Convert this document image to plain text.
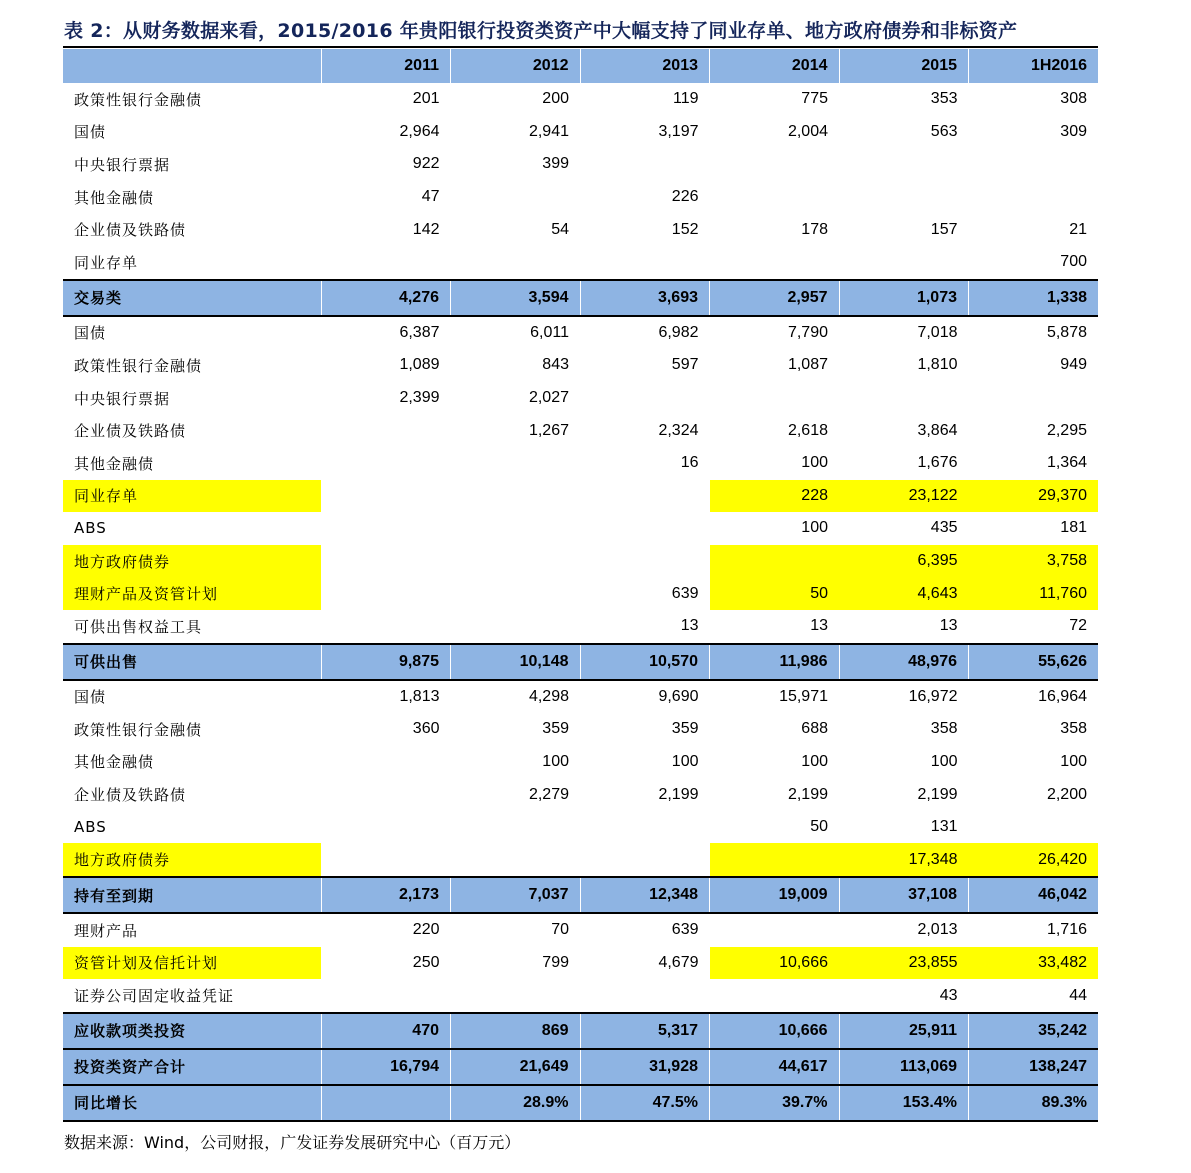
表 2：从财务数据来看，2015/2016 年贵阳银行投资类资产中大幅支持了同业存单、地方政府债券和非标资产
	2011	2012	2013	2014	2015	1H2016
政策性银行金融债	201	200	119	775	353	308
国债	2,964	2,941	3,197	2,004	563	309
中央银行票据	922	399				
其他金融债	47		226			
企业债及铁路债	142	54	152	178	157	21
同业存单						700
交易类	4,276	3,594	3,693	2,957	1,073	1,338
国债	6,387	6,011	6,982	7,790	7,018	5,878
政策性银行金融债	1,089	843	597	1,087	1,810	949
中央银行票据	2,399	2,027				
企业债及铁路债		1,267	2,324	2,618	3,864	2,295
其他金融债			16	100	1,676	1,364
同业存单				228	23,122	29,370
ABS				100	435	181
地方政府债券					6,395	3,758
理财产品及资管计划			639	50	4,643	11,760
可供出售权益工具			13	13	13	72
可供出售	9,875	10,148	10,570	11,986	48,976	55,626
国债	1,813	4,298	9,690	15,971	16,972	16,964
政策性银行金融债	360	359	359	688	358	358
其他金融债		100	100	100	100	100
企业债及铁路债		2,279	2,199	2,199	2,199	2,200
ABS				50	131	
地方政府债券					17,348	26,420
持有至到期	2,173	7,037	12,348	19,009	37,108	46,042
理财产品	220	70	639		2,013	1,716
资管计划及信托计划	250	799	4,679	10,666	23,855	33,482
证券公司固定收益凭证					43	44
应收款项类投资	470	869	5,317	10,666	25,911	35,242
投资类资产合计	16,794	21,649	31,928	44,617	113,069	138,247
同比增长		28.9%	47.5%	39.7%	153.4%	89.3%
数据来源：Wind，公司财报，广发证券发展研究中心（百万元）
